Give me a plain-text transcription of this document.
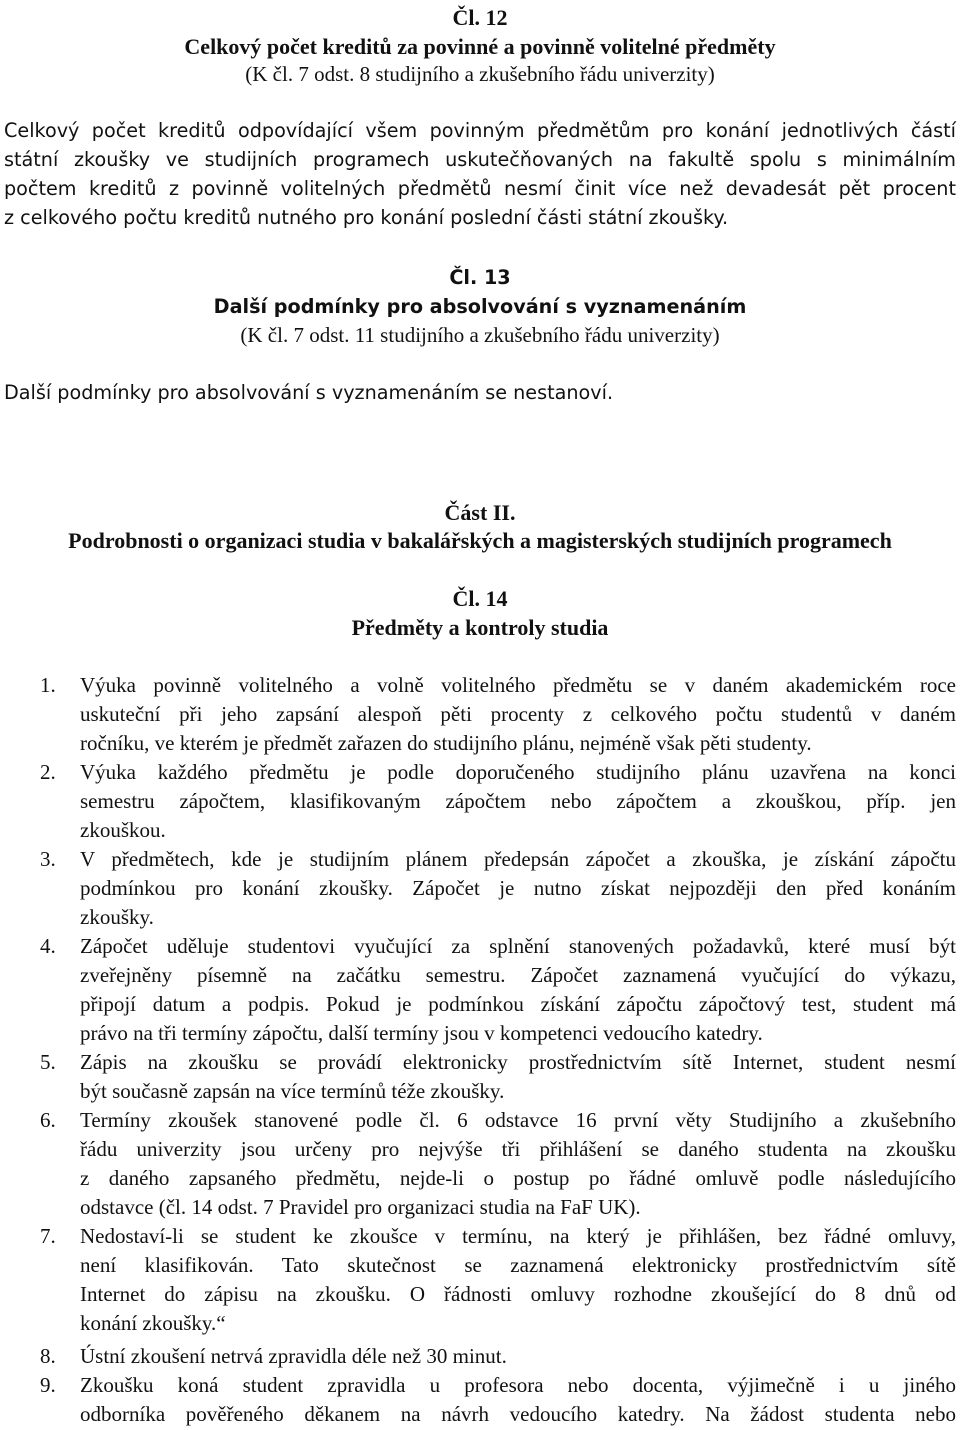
Čl. 12
Celkový počet kreditů za povinné a povinně volitelné předměty
(K čl. 7 odst. 8 studijního a zkušebního řádu univerzity)
Celkový počet kreditů odpovídající všem povinným předmětům pro konání jednotlivých částí
státní zkoušky ve studijních programech uskutečňovaných na fakultě spolu s minimálním
počtem kreditů z povinně volitelných předmětů nesmí činit více než devadesát pět procent
z celkového počtu kreditů nutného pro konání poslední části státní zkoušky.
Čl. 13
Další podmínky pro absolvování s vyznamenáním
(K čl. 7 odst. 11 studijního a zkušebního řádu univerzity)
Další podmínky pro absolvování s vyznamenáním se nestanoví.
Část II.
Podrobnosti o organizaci studia v bakalářských a magisterských studijních programech
Čl. 14
Předměty a kontroly studia
1. Výuka povinně volitelného a volně volitelného předmětu se v daném akademickém roce
uskuteční při jeho zapsání alespoň pěti procenty z celkového počtu studentů v daném
ročníku, ve kterém je předmět zařazen do studijního plánu, nejméně však pěti studenty.
2. Výuka každého předmětu je podle doporučeného studijního plánu uzavřena na konci
semestru zápočtem, klasifikovaným zápočtem nebo zápočtem a zkouškou, příp. jen
zkouškou.
3. V předmětech, kde je studijním plánem předepsán zápočet a zkouška, je získání zápočtu
podmínkou pro konání zkoušky. Zápočet je nutno získat nejpozději den před konáním
zkoušky.
4. Zápočet uděluje studentovi vyučující za splnění stanovených požadavků, které musí být
zveřejněny písemně na začátku semestru. Zápočet zaznamená vyučující do výkazu,
připojí datum a podpis. Pokud je podmínkou získání zápočtu zápočtový test, student má
právo na tři termíny zápočtu, další termíny jsou v kompetenci vedoucího katedry.
5. Zápis na zkoušku se provádí elektronicky prostřednictvím sítě Internet, student nesmí
být současně zapsán na více termínů téže zkoušky.
6. Termíny zkoušek stanovené podle čl. 6 odstavce 16 první věty Studijního a zkušebního
řádu univerzity jsou určeny pro nejvýše tři přihlášení se daného studenta na zkoušku
z daného zapsaného předmětu, nejde-li o postup po řádné omluvě podle následujícího
odstavce (čl. 14 odst. 7 Pravidel pro organizaci studia na FaF UK).
7. Nedostaví-li se student ke zkoušce v termínu, na který je přihlášen, bez řádné omluvy,
není klasifikován. Tato skutečnost se zaznamená elektronicky prostřednictvím sítě
Internet do zápisu na zkoušku. O řádnosti omluvy rozhodne zkoušející do 8 dnů od
konání zkoušky.“
8. Ústní zkoušení netrvá zpravidla déle než 30 minut.
9. Zkoušku koná student zpravidla u profesora nebo docenta, výjimečně i u jiného
odborníka pověřeného děkanem na návrh vedoucího katedry. Na žádost studenta nebo
